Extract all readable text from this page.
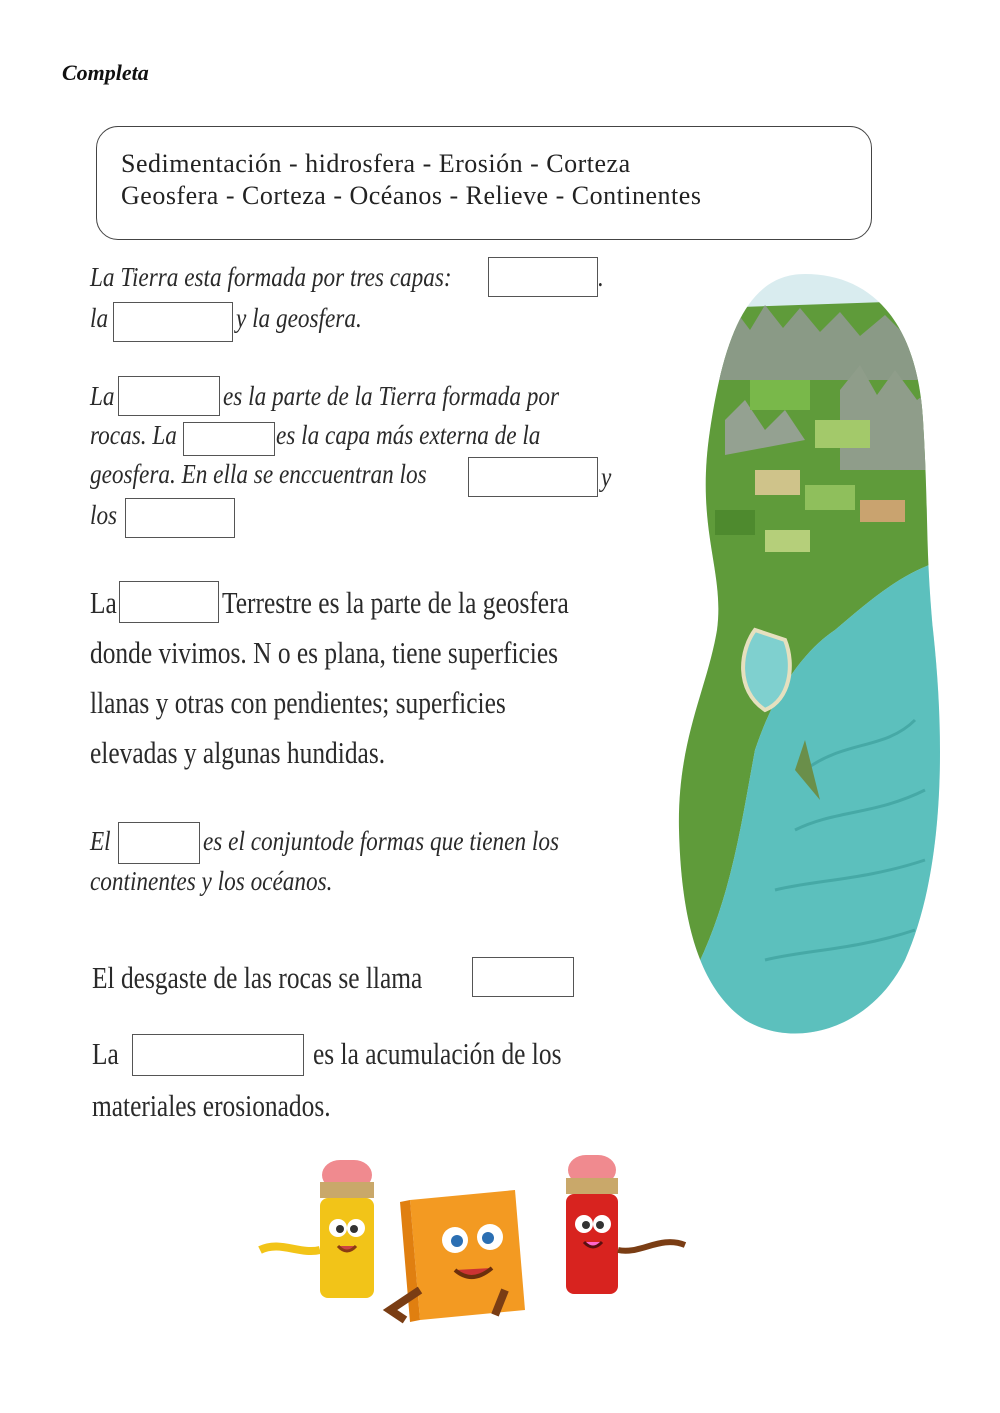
Completa
Sedimentación - hidrosfera - Erosión - Corteza
Geosfera - Corteza - Océanos - Relieve - Continentes
La Tierra esta formada por tres capas:	.
la	y la geosfera.
La	es la parte de la Tierra formada por
rocas. La	es la capa más externa de la
geosfera. En ella se enccuentran los	y
los
La	Terrestre es la parte de la geosfera
donde vivimos. N o es plana, tiene superficies
llanas y otras con pendientes; superficies
elevadas y algunas hundidas.
El	es el conjuntode formas que tienen los
continentes y los océanos.
El desgaste de las rocas se llama
La	es la acumulación de los
materiales erosionados.
